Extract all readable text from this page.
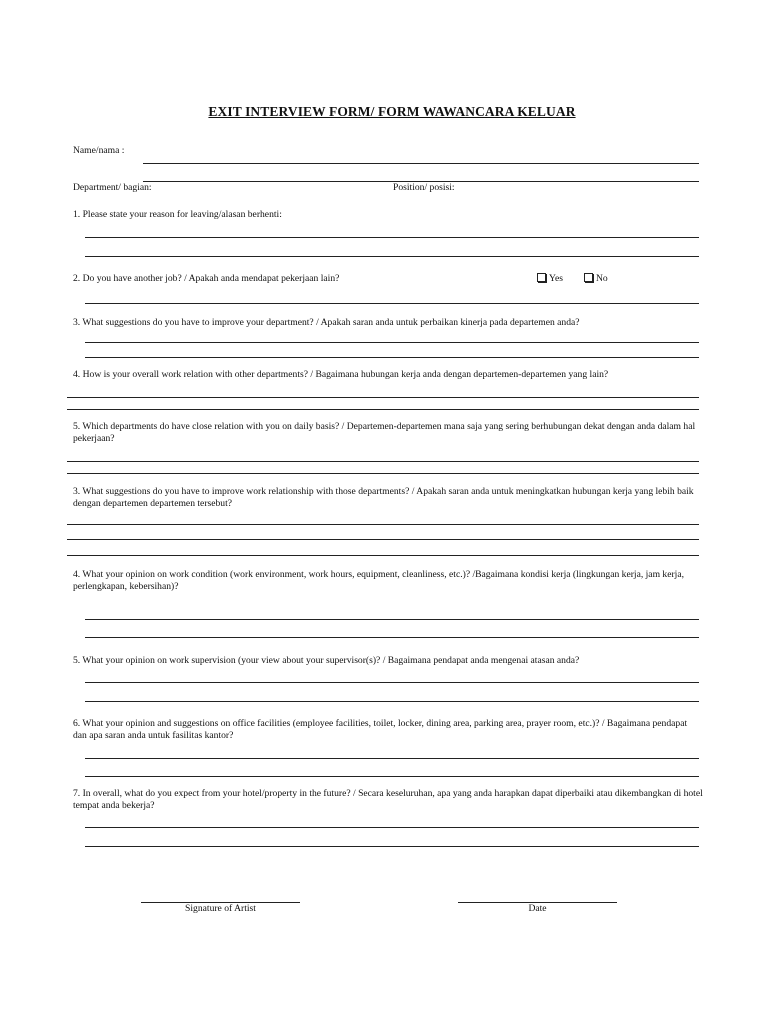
EXIT INTERVIEW FORM/ FORM WAWANCARA KELUAR
Name/nama :
Department/ bagian:	Position/ posisi:
1. Please state your reason for leaving/alasan berhenti:
2. Do you have another job? / Apakah anda mendapat pekerjaan lain?	Yes	No
3. What suggestions do you have to improve your department? / Apakah saran anda untuk perbaikan kinerja pada departemen anda?
4. How is your overall work relation with other departments? / Bagaimana hubungan kerja anda dengan departemen-departemen yang lain?
5. Which departments do have close relation with you on daily basis? / Departemen-departemen mana saja yang sering berhubungan dekat dengan anda dalam hal pekerjaan?
3. What suggestions do you have to improve work relationship with those departments? / Apakah saran anda untuk meningkatkan hubungan kerja yang lebih baik dengan departemen departemen tersebut?
4. What your opinion on work condition (work environment, work hours, equipment, cleanliness, etc.)? /Bagaimana kondisi kerja (lingkungan kerja, jam kerja, perlengkapan, kebersihan)?
5. What your opinion on work supervision (your view about your supervisor(s)? / Bagaimana pendapat anda mengenai atasan anda?
6. What your opinion and suggestions on office facilities (employee facilities, toilet, locker, dining area, parking area, prayer room, etc.)? / Bagaimana pendapat dan apa saran anda untuk fasilitas kantor?
7. In overall, what do you expect from your hotel/property in the future? / Secara keseluruhan, apa yang anda harapkan dapat diperbaiki atau dikembangkan di hotel tempat anda bekerja?
Signature of Artist	Date
